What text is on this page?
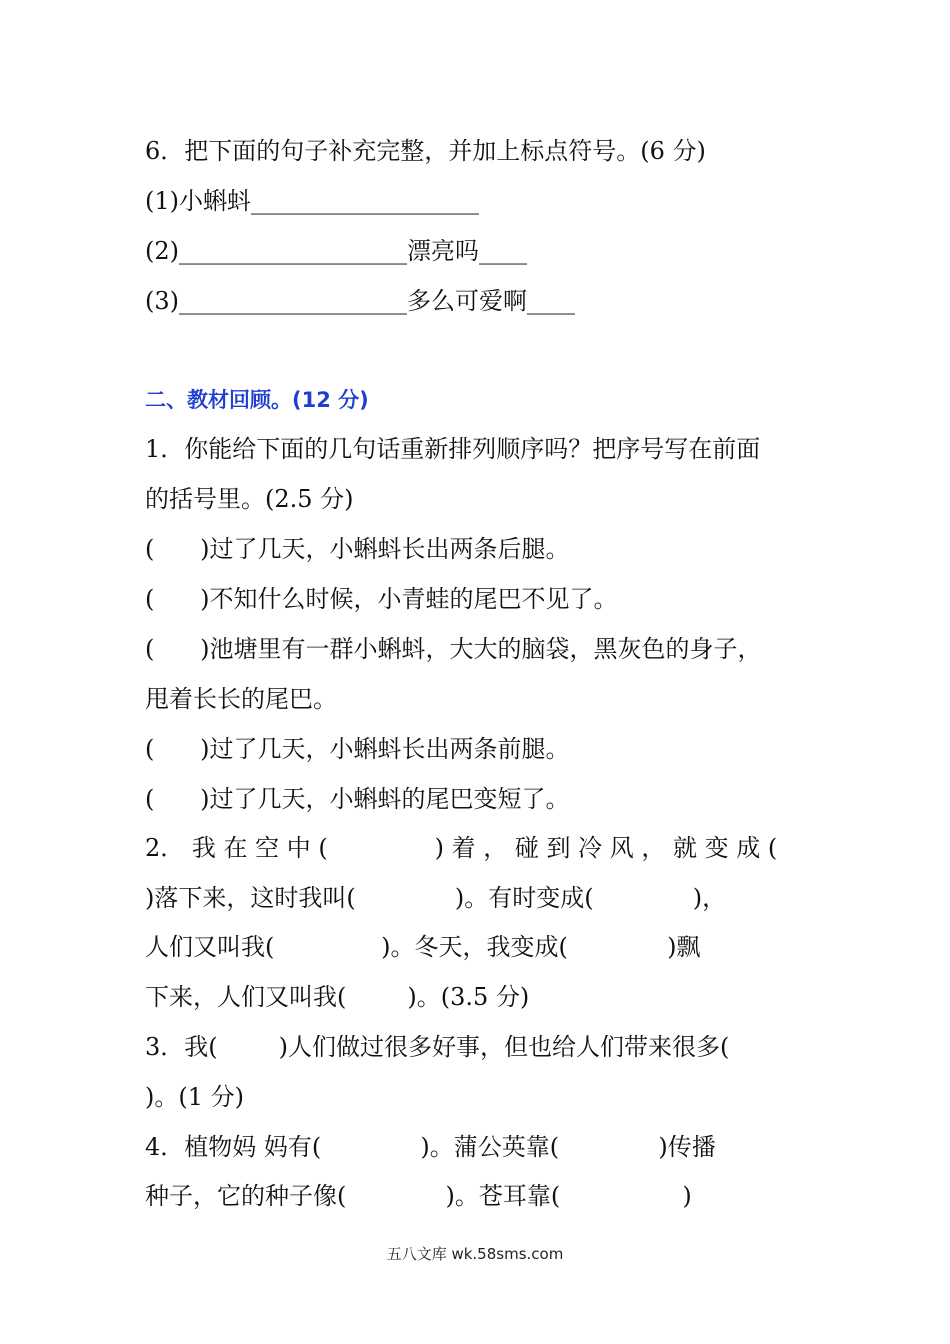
6．把下面的句子补充完整，并加上标点符号。(6 分)
(1)小蝌蚪___________________
(2)___________________漂亮吗____
(3)___________________多么可爱啊____
二、教材回顾。(12 分)
1．你能给下面的几句话重新排列顺序吗？把序号写在前面
的括号里。(2.5 分)
(      )过了几天，小蝌蚪长出两条后腿。
(      )不知什么时候，小青蛙的尾巴不见了。
(      )池塘里有一群小蝌蚪，大大的脑袋，黑灰色的身子，
甩着长长的尾巴。
(      )过了几天，小蝌蚪长出两条前腿。
(      )过了几天，小蝌蚪的尾巴变短了。
2． 我 在 空 中 (              ) 着 ， 碰 到 冷 风 ， 就 变 成 (
)落下来，这时我叫(             )。有时变成(             )，
人们又叫我(              )。冬天，我变成(             )飘
下来，人们又叫我(        )。(3.5 分)
3．我(        )人们做过很多好事，但也给人们带来很多(
)。(1 分)
4．植物妈 妈有(             )。蒲公英靠(             )传播
种子，它的种子像(             )。苍耳靠(                )
五八文库 wk.58sms.com
